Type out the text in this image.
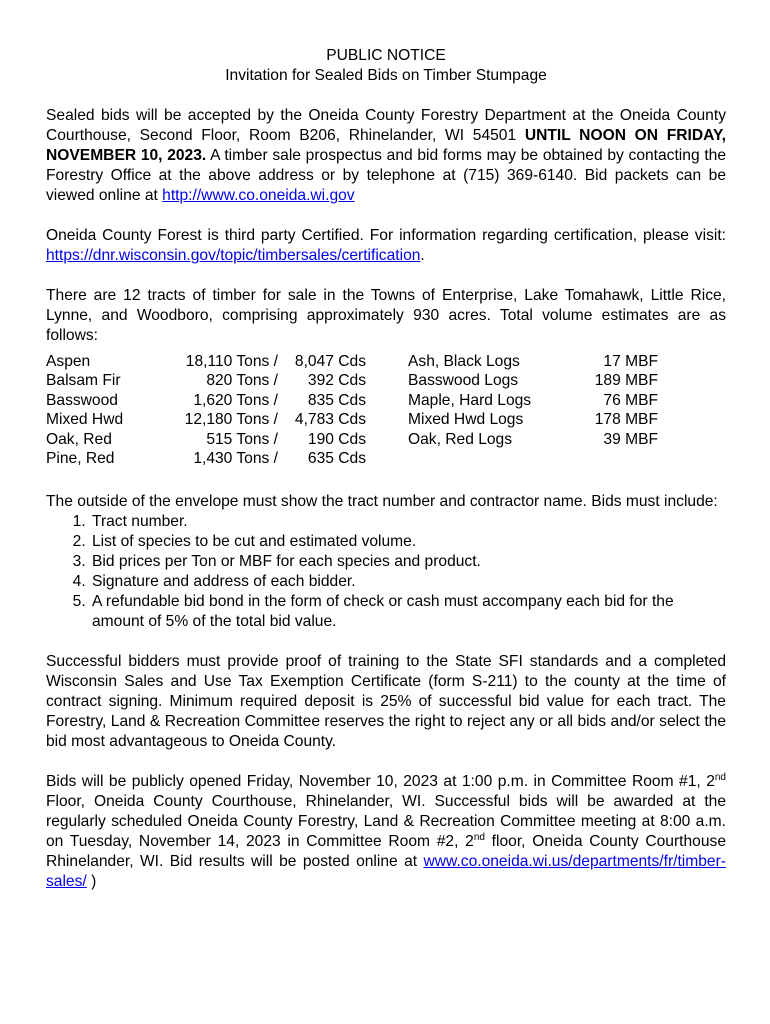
PUBLIC NOTICE

Invitation for Sealed Bids on Timber Stumpage

Sealed bids will be accepted by the Oneida County Forestry Department at the Oneida County Courthouse, Second Floor, Room B206, Rhinelander, WI 54501 UNTIL NOON ON FRIDAY, NOVEMBER 10, 2023. A timber sale prospectus and bid forms may be obtained by contacting the Forestry Office at the above address or by telephone at (715) 369-6140. Bid packets can be viewed online at http://www.co.oneida.wi.gov

Oneida County Forest is third party Certified. For information regarding certification, please visit: https://dnr.wisconsin.gov/topic/timbersales/certification.

There are 12 tracts of timber for sale in the Towns of Enterprise, Lake Tomahawk, Little Rice, Lynne, and Woodboro, comprising approximately 930 acres. Total volume estimates are as follows:

Aspen	18,110 Tons / 8,047 Cds
Balsam Fir	820 Tons / 392 Cds
Basswood	1,620 Tons / 835 Cds
Mixed Hwd	12,180 Tons / 4,783 Cds
Oak, Red	515 Tons / 190 Cds
Pine, Red	1,430 Tons / 635 Cds
Ash, Black Logs	17 MBF
Basswood Logs	189 MBF
Maple, Hard Logs	76 MBF
Mixed Hwd Logs	178 MBF
Oak, Red Logs	39 MBF

The outside of the envelope must show the tract number and contractor name. Bids must include:

1. Tract number.
2. List of species to be cut and estimated volume.
3. Bid prices per Ton or MBF for each species and product.
4. Signature and address of each bidder.
5. A refundable bid bond in the form of check or cash must accompany each bid for the amount of 5% of the total bid value.

Successful bidders must provide proof of training to the State SFI standards and a completed Wisconsin Sales and Use Tax Exemption Certificate (form S-211) to the county at the time of contract signing. Minimum required deposit is 25% of successful bid value for each tract. The Forestry, Land & Recreation Committee reserves the right to reject any or all bids and/or select the bid most advantageous to Oneida County.

Bids will be publicly opened Friday, November 10, 2023 at 1:00 p.m. in Committee Room #1, 2nd Floor, Oneida County Courthouse, Rhinelander, WI. Successful bids will be awarded at the regularly scheduled Oneida County Forestry, Land & Recreation Committee meeting at 8:00 a.m. on Tuesday, November 14, 2023 in Committee Room #2, 2nd floor, Oneida County Courthouse Rhinelander, WI. Bid results will be posted online at www.co.oneida.wi.us/departments/fr/timber-sales/ )
